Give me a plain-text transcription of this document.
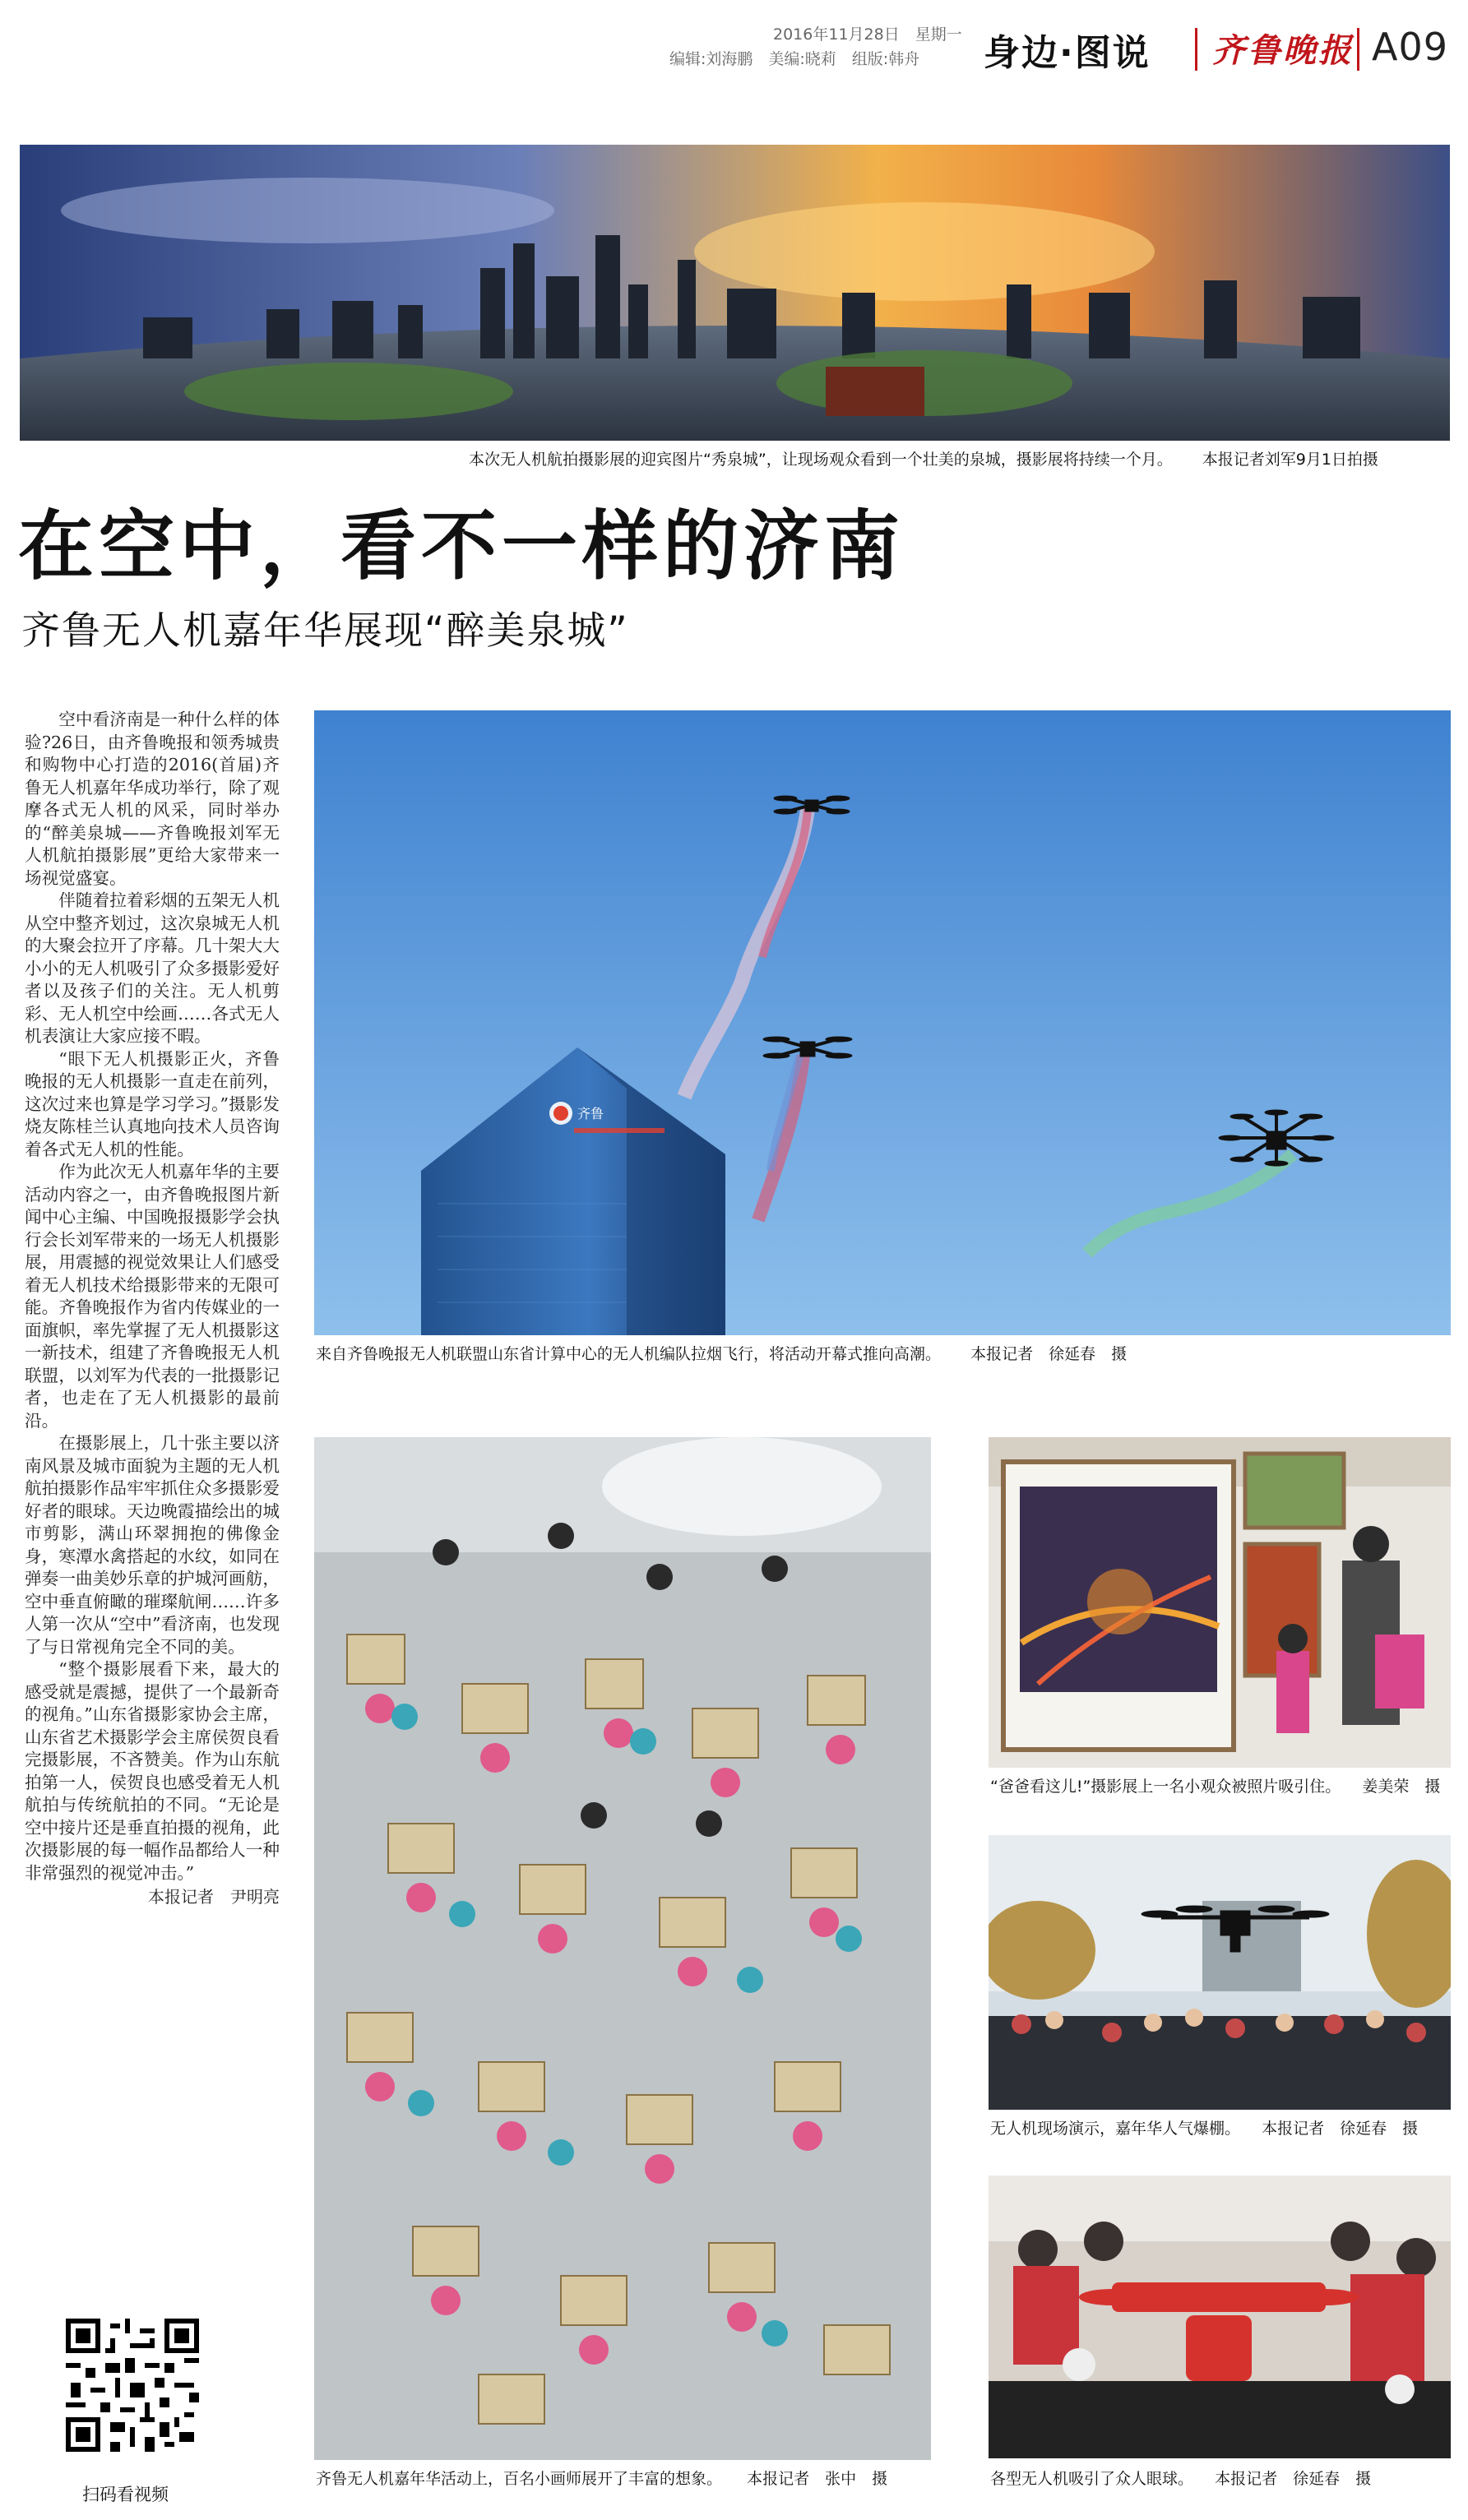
2016年11月28日　星期一
编辑:刘海鹏　美编:晓莉　组版:韩舟 身边·图说 齐鲁晚报 A09
本次无人机航拍摄影展的迎宾图片“秀泉城”，让现场观众看到一个壮美的泉城，摄影展将持续一个月。 本报记者刘军9月1日拍摄
在空中，看不一样的济南
齐鲁无人机嘉年华展现“醉美泉城”

空中看济南是一种什么样的体验?26日，由齐鲁晚报和领秀城贵和购物中心打造的2016(首届)齐鲁无人机嘉年华成功举行，除了观摩各式无人机的风采，同时举办的“醉美泉城——齐鲁晚报刘军无人机航拍摄影展”更给大家带来一场视觉盛宴。

伴随着拉着彩烟的五架无人机从空中整齐划过，这次泉城无人机的大聚会拉开了序幕。几十架大大小小的无人机吸引了众多摄影爱好者以及孩子们的关注。无人机剪彩、无人机空中绘画……各式无人机表演让大家应接不暇。

“眼下无人机摄影正火，齐鲁晚报的无人机摄影一直走在前列，这次过来也算是学习学习。”摄影发烧友陈桂兰认真地向技术人员咨询着各式无人机的性能。

作为此次无人机嘉年华的主要活动内容之一，由齐鲁晚报图片新闻中心主编、中国晚报摄影学会执行会长刘军带来的一场无人机摄影展，用震撼的视觉效果让人们感受着无人机技术给摄影带来的无限可能。齐鲁晚报作为省内传媒业的一面旗帜，率先掌握了无人机摄影这一新技术，组建了齐鲁晚报无人机联盟，以刘军为代表的一批摄影记者，也走在了无人机摄影的最前沿。

在摄影展上，几十张主要以济南风景及城市面貌为主题的无人机航拍摄影作品牢牢抓住众多摄影爱好者的眼球。天边晚霞描绘出的城市剪影，满山环翠拥抱的佛像金身，寒潭水禽搭起的水纹，如同在弹奏一曲美妙乐章的护城河画舫，空中垂直俯瞰的璀璨航闸……许多人第一次从“空中”看济南，也发现了与日常视角完全不同的美。

“整个摄影展看下来，最大的感受就是震撼，提供了一个最新奇的视角。”山东省摄影家协会主席，山东省艺术摄影学会主席侯贺良看完摄影展，不吝赞美。作为山东航拍第一人，侯贺良也感受着无人机航拍与传统航拍的不同。“无论是空中接片还是垂直拍摄的视角，此次摄影展的每一幅作品都给人一种非常强烈的视觉冲击。”

本报记者　尹明亮
扫码看视频
齐鲁
来自齐鲁晚报无人机联盟山东省计算中心的无人机编队拉烟飞行，将活动开幕式推向高潮。 本报记者　徐延春　摄
齐鲁无人机嘉年华活动上，百名小画师展开了丰富的想象。 本报记者　张中　摄
“爸爸看这儿!”摄影展上一名小观众被照片吸引住。 姜美荣　摄
无人机现场演示，嘉年华人气爆棚。 本报记者　徐延春　摄
各型无人机吸引了众人眼球。 本报记者　徐延春　摄
